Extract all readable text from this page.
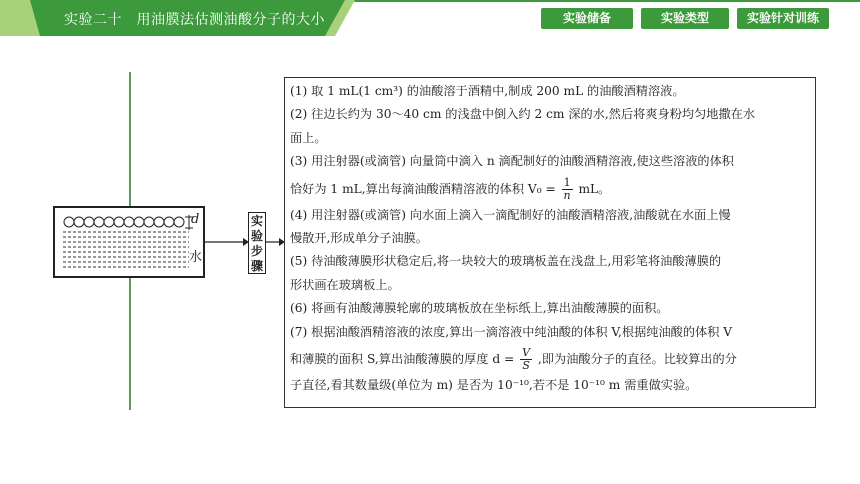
实验二十　用油膜法估测油酸分子的大小	实验储备	实验类型	实验针对训练
d
水
实验步骤
(1) 取 1 mL(1 cm³) 的油酸溶于酒精中,制成 200 mL 的油酸酒精溶液。
(2) 往边长约为 30～40 cm 的浅盘中倒入约 2 cm 深的水,然后将爽身粉均匀地撒在水
面上。
(3) 用注射器(或滴管) 向量筒中滴入 n 滴配制好的油酸酒精溶液,使这些溶液的体积
恰好为 1 mL,算出每滴油酸酒精溶液的体积 $V_0 = \frac{1}{n}$ mL。
(4) 用注射器(或滴管) 向水面上滴入一滴配制好的油酸酒精溶液,油酸就在水面上慢
慢散开,形成单分子油膜。
(5) 待油酸薄膜形状稳定后,将一块较大的玻璃板盖在浅盘上,用彩笔将油酸薄膜的
形状画在玻璃板上。
(6) 将画有油酸薄膜轮廓的玻璃板放在坐标纸上,算出油酸薄膜的面积。
(7) 根据油酸酒精溶液的浓度,算出一滴溶液中纯油酸的体积 V,根据纯油酸的体积 V
和薄膜的面积 S,算出油酸薄膜的厚度 $d = \frac{V}{S}$ ,即为油酸分子的直径。比较算出的分
子直径,看其数量级(单位为 m) 是否为 10⁻¹⁰,若不是 10⁻¹⁰ m 需重做实验。
